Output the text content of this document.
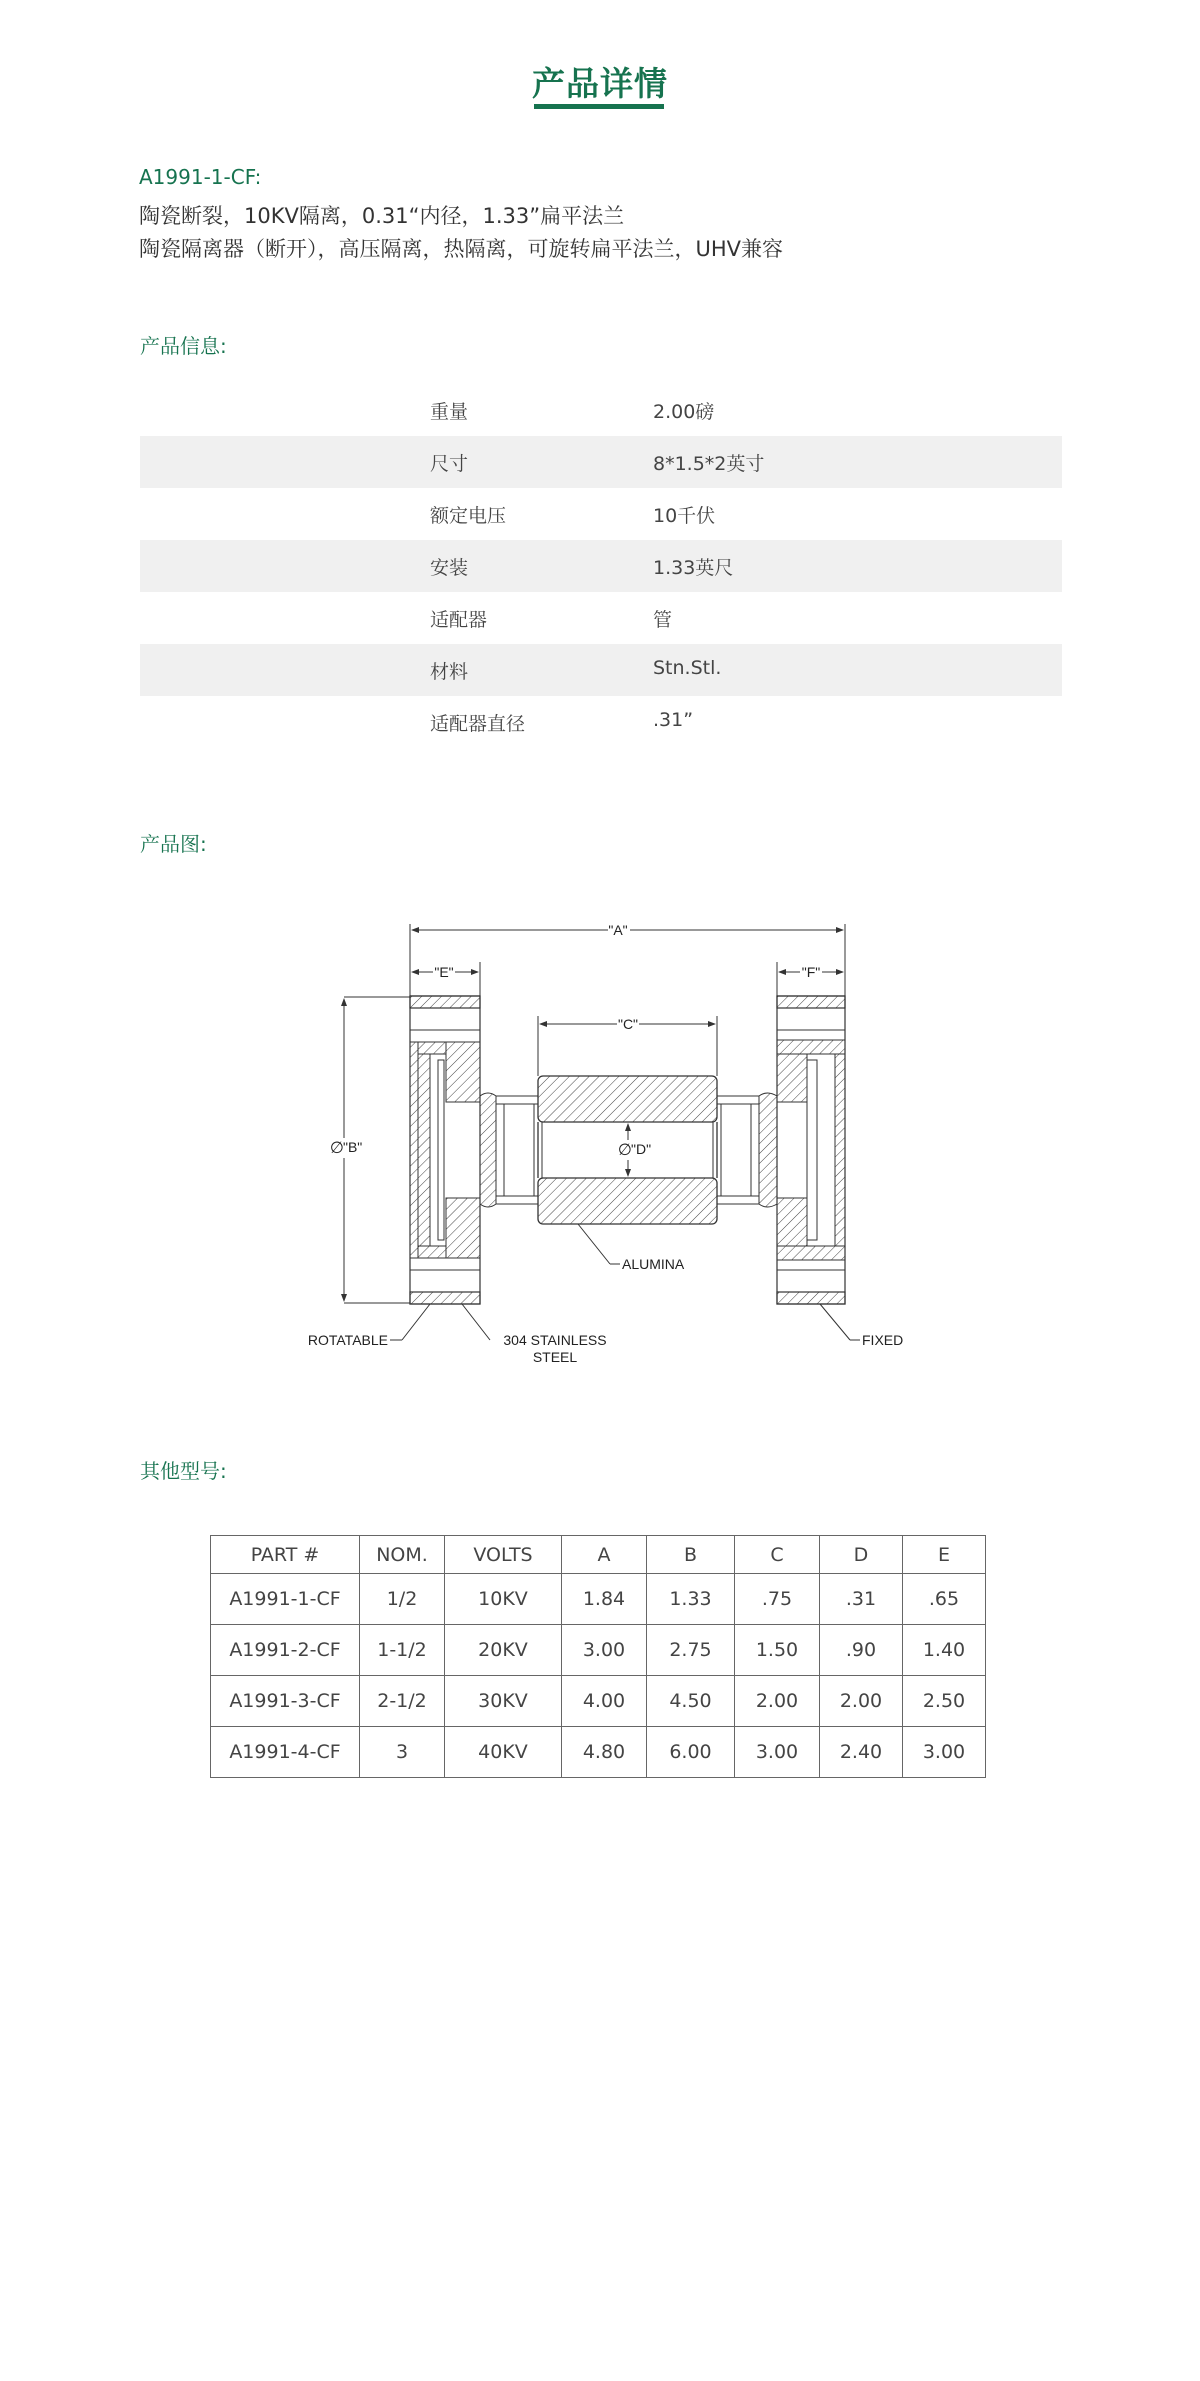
产品详情
A1991-1-CF:
陶瓷断裂，10KV隔离，0.31“内径，1.33”扁平法兰
陶瓷隔离器（断开），高压隔离，热隔离，可旋转扁平法兰，UHV兼容
产品信息:
重量	2.00磅
尺寸	8*1.5*2英寸
额定电压	10千伏
安装	1.33英尺
适配器	管
材料	Stn.Stl.
适配器直径	.31”
产品图:
"A"
"E"	"F"
"C"
∅ "B"	∅ "D"
ALUMINA
ROTATABLE	304 STAINLESS
STEEL
FIXED
其他型号:
PART #	NOM.	VOLTS	A	B	C	D	E
A1991-1-CF	1/2	10KV	1.84	1.33	.75	.31	.65
A1991-2-CF	1-1/2	20KV	3.00	2.75	1.50	.90	1.40
A1991-3-CF	2-1/2	30KV	4.00	4.50	2.00	2.00	2.50
A1991-4-CF	3	40KV	4.80	6.00	3.00	2.40	3.00
